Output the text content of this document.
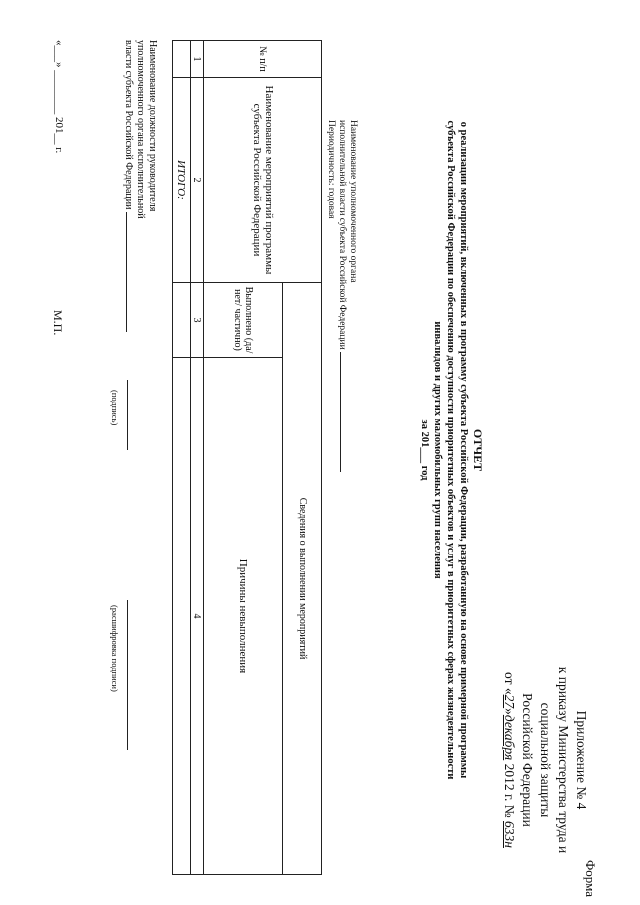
Форма
Приложение № 4
к приказу Министерства труда и
социальной защиты
Российской Федерации
от «27»декабря 2012 г. № 633н
ОТЧЕТ
о реализации мероприятий, включенных в программу субъекта Российской Федерации, разработанную на основе примерной программы субъекта Российской Федерации по обеспечению доступности приоритетных объектов и услуг в приоритетных сферах жизнедеятельности инвалидов и других маломобильных групп населения
за 201___ год
Наименование уполномоченного органа
исполнительной власти субъекта Российской Федерации
Периодичность: годовая
№ п/п	Наименование мероприятий программы субъекта Российской Федерации	Сведения о выполнении мероприятий	
		Выполнено (да/нет/ частично)	Причины невыполнения
1	2	3	4
	ИТОГО:		
Наименование должности руководителя
уполномоченного органа исполнительной
власти субъекта Российской Федерации
(подпись)
(расшифровка подписи)
«___» ________ 201__ г.
М.П.
